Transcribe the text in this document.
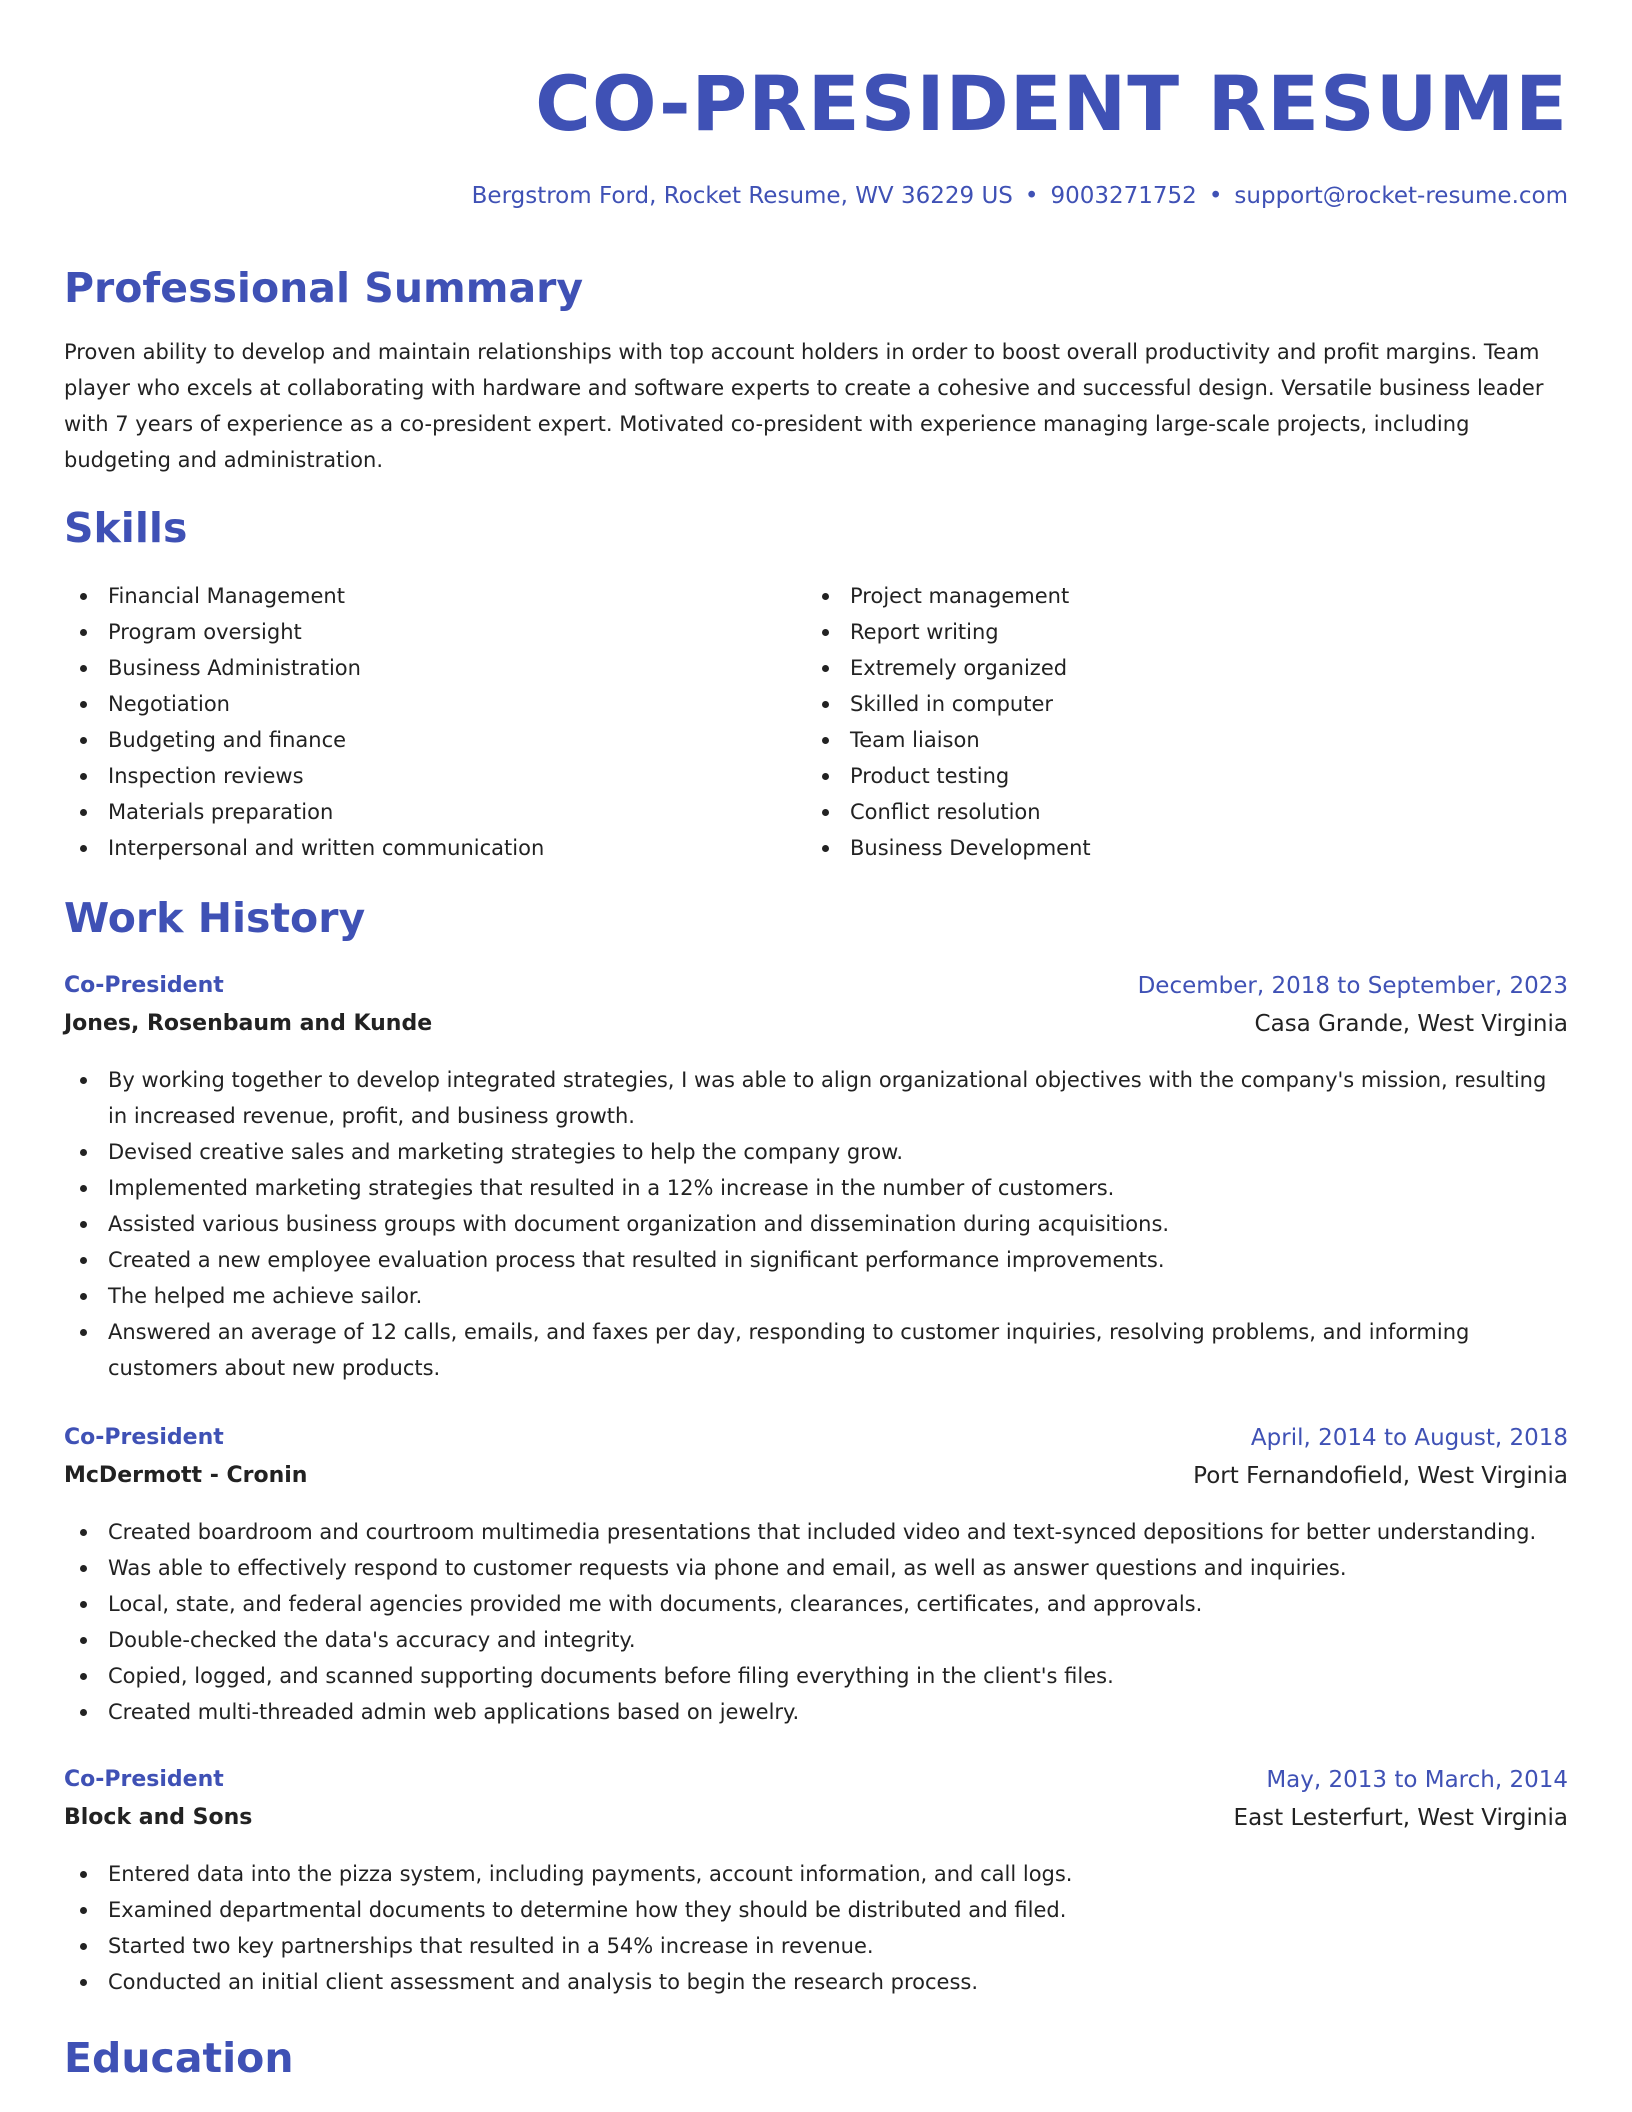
CO-PRESIDENT RESUME
Bergstrom Ford, Rocket Resume, WV 36229 US • 9003271752 • support@rocket-resume.com
Professional Summary

Proven ability to develop and maintain relationships with top account holders in order to boost overall productivity and profit margins. Team player who excels at collaborating with hardware and software experts to create a cohesive and successful design. Versatile business leader with 7 years of experience as a co-president expert. Motivated co-president with experience managing large-scale projects, including budgeting and administration.

Skills
Financial Management
Program oversight
Business Administration
Negotiation
Budgeting and finance
Inspection reviews
Materials preparation
Interpersonal and written communication
Project management
Report writing
Extremely organized
Skilled in computer
Team liaison
Product testing
Conflict resolution
Business Development
Work History
Co-President	December, 2018 to September, 2023
Jones, Rosenbaum and Kunde	Casa Grande, West Virginia
By working together to develop integrated strategies, I was able to align organizational objectives with the company's mission, resulting in increased revenue, profit, and business growth.
Devised creative sales and marketing strategies to help the company grow.
Implemented marketing strategies that resulted in a 12% increase in the number of customers.
Assisted various business groups with document organization and dissemination during acquisitions.
Created a new employee evaluation process that resulted in significant performance improvements.
The helped me achieve sailor.
Answered an average of 12 calls, emails, and faxes per day, responding to customer inquiries, resolving problems, and informing customers about new products.
Co-President	April, 2014 to August, 2018
McDermott - Cronin	Port Fernandofield, West Virginia
Created boardroom and courtroom multimedia presentations that included video and text-synced depositions for better understanding.
Was able to effectively respond to customer requests via phone and email, as well as answer questions and inquiries.
Local, state, and federal agencies provided me with documents, clearances, certificates, and approvals.
Double-checked the data's accuracy and integrity.
Copied, logged, and scanned supporting documents before filing everything in the client's files.
Created multi-threaded admin web applications based on jewelry.
Co-President	May, 2013 to March, 2014
Block and Sons	East Lesterfurt, West Virginia
Entered data into the pizza system, including payments, account information, and call logs.
Examined departmental documents to determine how they should be distributed and filed.
Started two key partnerships that resulted in a 54% increase in revenue.
Conducted an initial client assessment and analysis to begin the research process.
Education
